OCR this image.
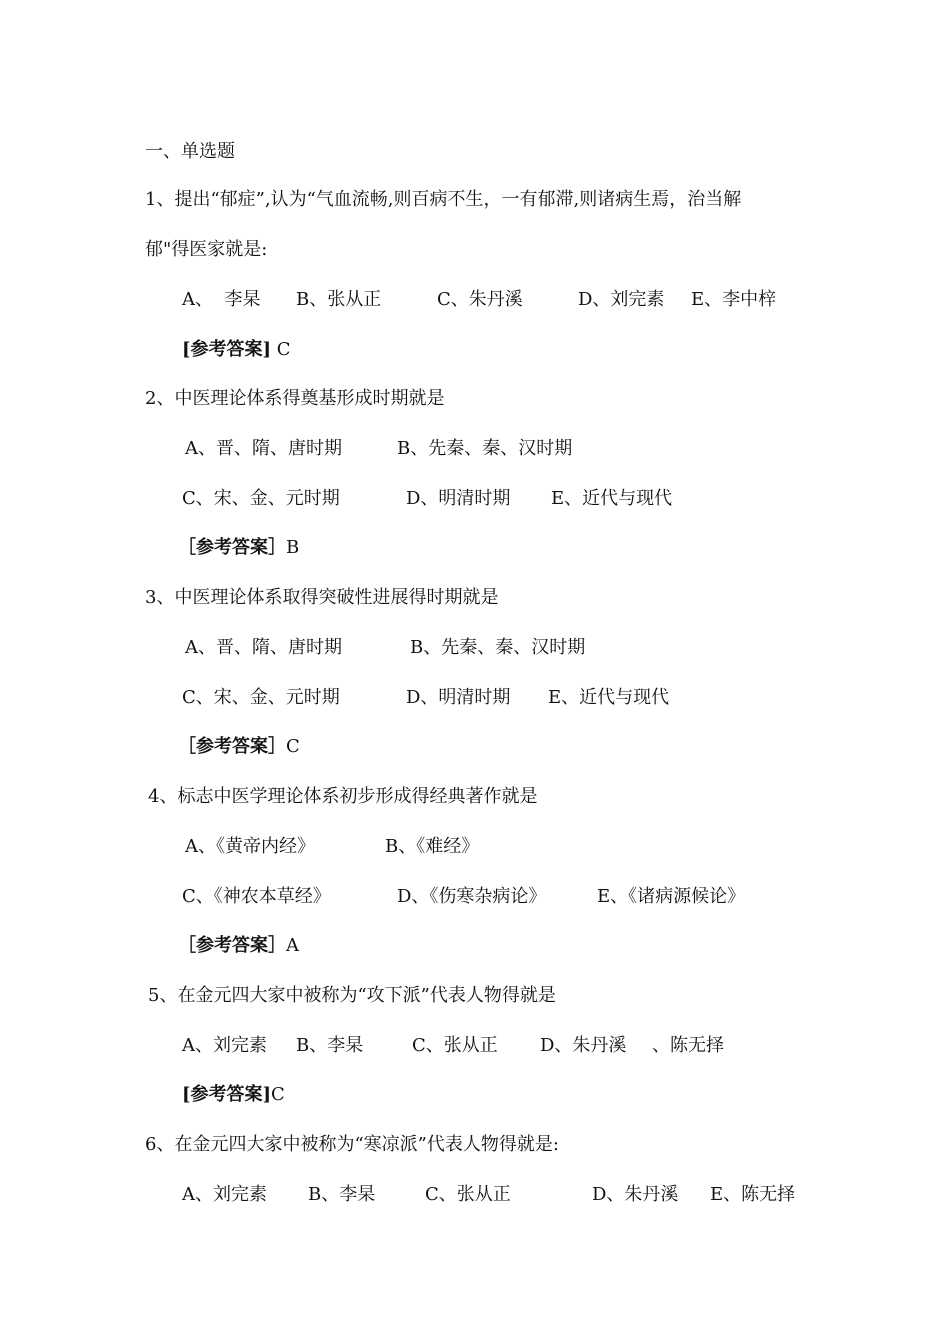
一、单选题
1、提出“郁症”,认为“气血流畅,则百病不生，一有郁滞,则诸病生焉，治当解
郁"得医家就是:
A、  李杲 B、张从正	C、朱丹溪	D、刘完素 E、李中梓
[参考答案] C
2、中医理论体系得奠基形成时期就是
A、晋、隋、唐时期	B、先秦、秦、汉时期
C、宋、金、元时期	D、明清时期 E、近代与现代
［参考答案］B
3、中医理论体系取得突破性进展得时期就是
A、晋、隋、唐时期	B、先秦、秦、汉时期
C、宋、金、元时期	D、明清时期 E、近代与现代
［参考答案］C
4、标志中医学理论体系初步形成得经典著作就是
A、《黄帝内经》	B、《难经》
C、《神农本草经》	D、《伤寒杂病论》	E、《诸病源候论》
［参考答案］A
5、在金元四大家中被称为“攻下派”代表人物得就是
A、刘完素 B、李杲	C、张从正 D、朱丹溪 、陈无择
[参考答案]C
6、在金元四大家中被称为“寒凉派”代表人物得就是:
A、刘完素 B、李杲	C、张从正	D、朱丹溪 E、陈无择
